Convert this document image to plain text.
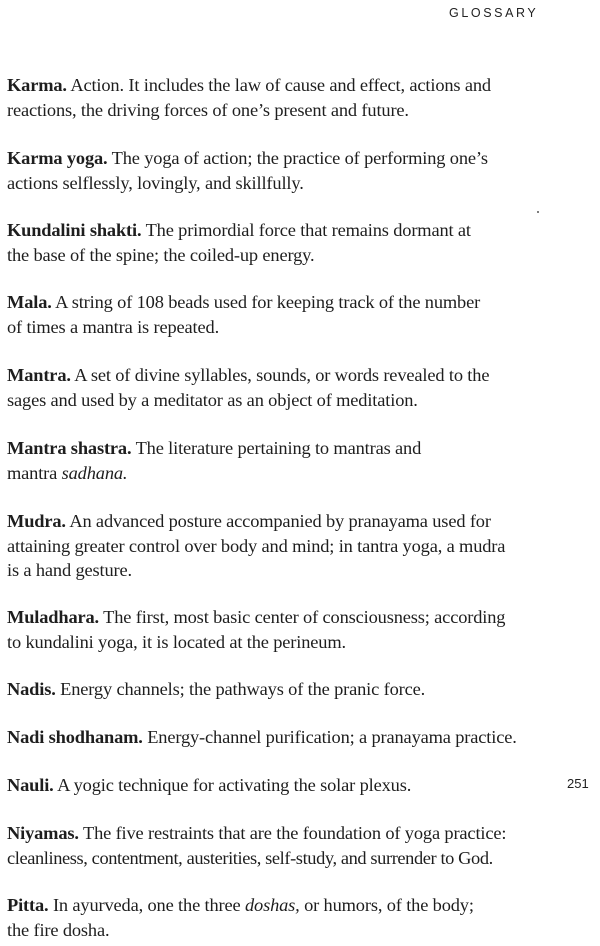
GLOSSARY
251

Karma. Action. It includes the law of cause and effect, actions and
reactions, the driving forces of one’s present and future.

Karma yoga. The yoga of action; the practice of performing one’s
actions selflessly, lovingly, and skillfully.

Kundalini shakti. The primordial force that remains dormant at
the base of the spine; the coiled-up energy.

Mala. A string of 108 beads used for keeping track of the number
of times a mantra is repeated.

Mantra. A set of divine syllables, sounds, or words revealed to the
sages and used by a meditator as an object of meditation.

Mantra shastra. The literature pertaining to mantras and
mantra sadhana.

Mudra. An advanced posture accompanied by pranayama used for
attaining greater control over body and mind; in tantra yoga, a mudra
is a hand gesture.

Muladhara. The first, most basic center of consciousness; according
to kundalini yoga, it is located at the perineum.

Nadis. Energy channels; the pathways of the pranic force.

Nadi shodhanam. Energy-channel purification; a pranayama practice.

Nauli. A yogic technique for activating the solar plexus.

Niyamas. The five restraints that are the foundation of yoga practice:
cleanliness, contentment, austerities, self-study, and surrender to God.

Pitta. In ayurveda, one the three doshas, or humors, of the body;
the fire dosha.
